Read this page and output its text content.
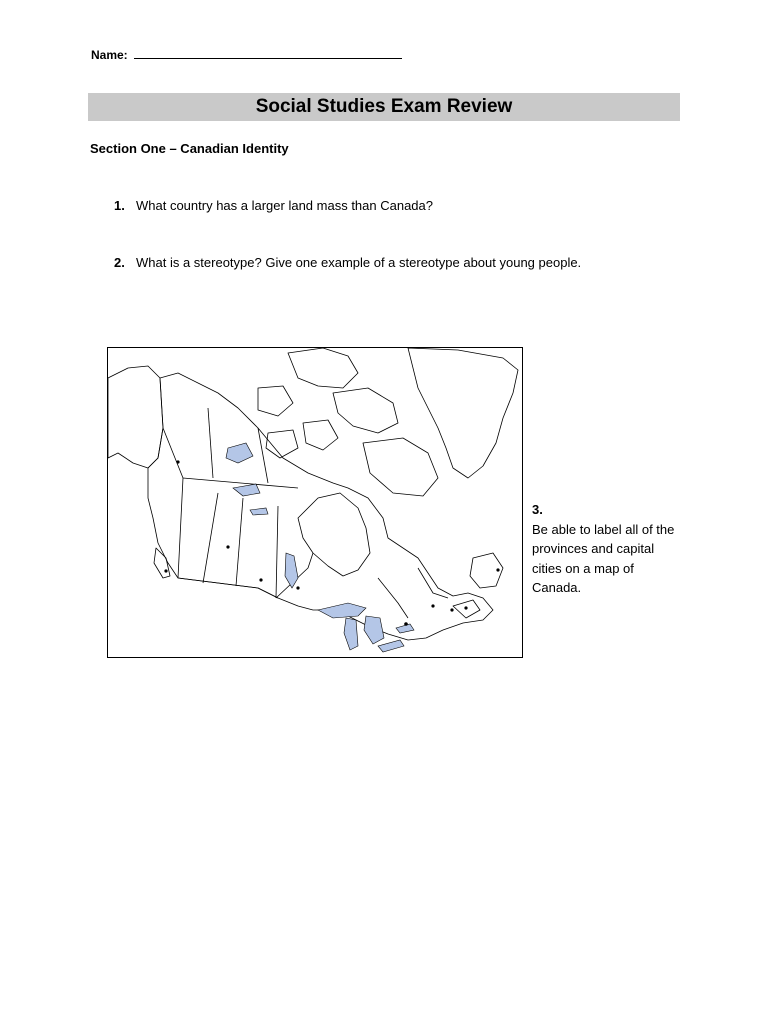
Name:
Social Studies Exam Review
Section One – Canadian Identity
1. What country has a larger land mass than Canada?
2. What is a stereotype? Give one example of a stereotype about young people.
3.
Be able to label all of the provinces and capital cities on a map of Canada.
